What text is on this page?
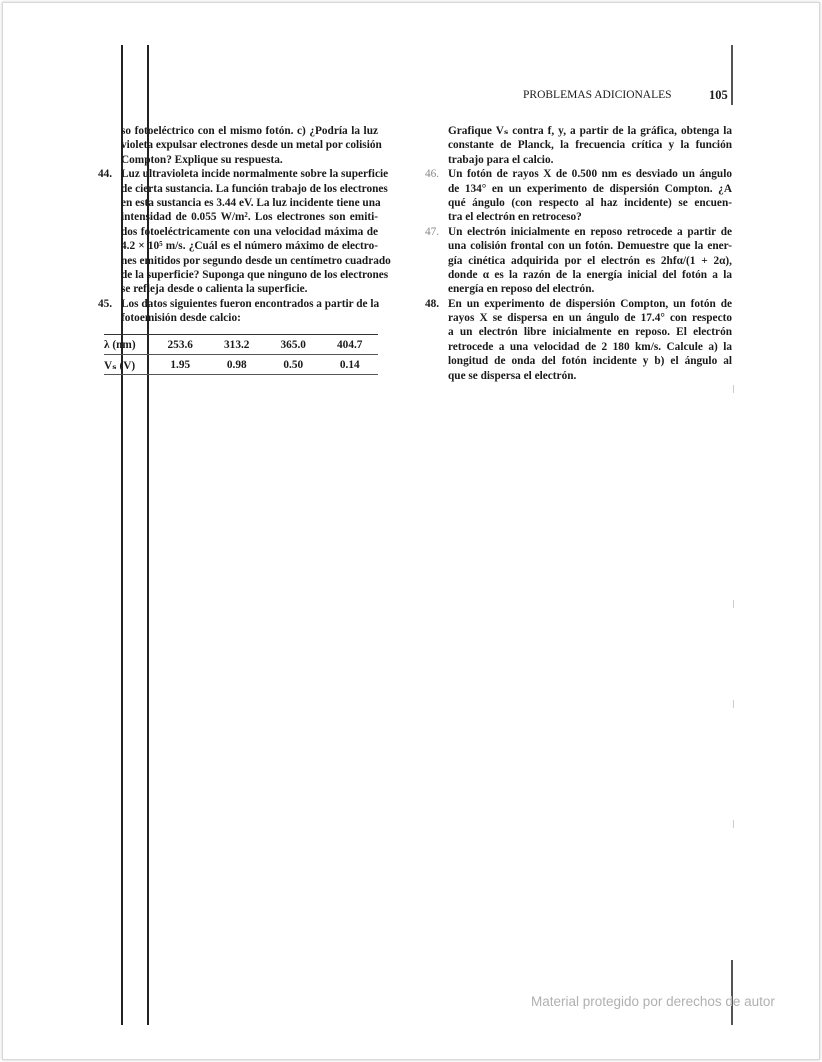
PROBLEMAS ADICIONALES	105
so fotoeléctrico con el mismo fotón. c) ¿Podría la luz
violeta expulsar electrones desde un metal por colisión
Compton? Explique su respuesta.
44. Luz ultravioleta incide normalmente sobre la superficie
de cierta sustancia. La función trabajo de los electrones
en esta sustancia es 3.44 eV. La luz incidente tiene una
intensidad de 0.055 W/m². Los electrones son emiti-
dos fotoeléctricamente con una velocidad máxima de
4.2 × 10⁵ m/s. ¿Cuál es el número máximo de electro-
nes emitidos por segundo desde un centímetro cuadrado
de la superficie? Suponga que ninguno de los electrones
se refleja desde o calienta la superficie.
45. Los datos siguientes fueron encontrados a partir de la
fotoemisión desde calcio:
Grafique Vₛ contra f, y, a partir de la gráfica, obtenga la
constante de Planck, la frecuencia crítica y la función
trabajo para el calcio.
46. Un fotón de rayos X de 0.500 nm es desviado un ángulo
de 134° en un experimento de dispersión Compton. ¿A
qué ángulo (con respecto al haz incidente) se encuen-
tra el electrón en retroceso?
47. Un electrón inicialmente en reposo retrocede a partir de
una colisión frontal con un fotón. Demuestre que la ener-
gía cinética adquirida por el electrón es 2hfα/(1 + 2α),
donde α es la razón de la energía inicial del fotón a la
energía en reposo del electrón.
48. En un experimento de dispersión Compton, un fotón de
rayos X se dispersa en un ángulo de 17.4° con respecto
a un electrón libre inicialmente en reposo. El electrón
retrocede a una velocidad de 2 180 km/s. Calcule a) la
longitud de onda del fotón incidente y b) el ángulo al
que se dispersa el electrón.
λ (nm)	253.6	313.2	365.0	404.7
Vₛ (V)	1.95	0.98	0.50	0.14
Material protegido por derechos de autor
